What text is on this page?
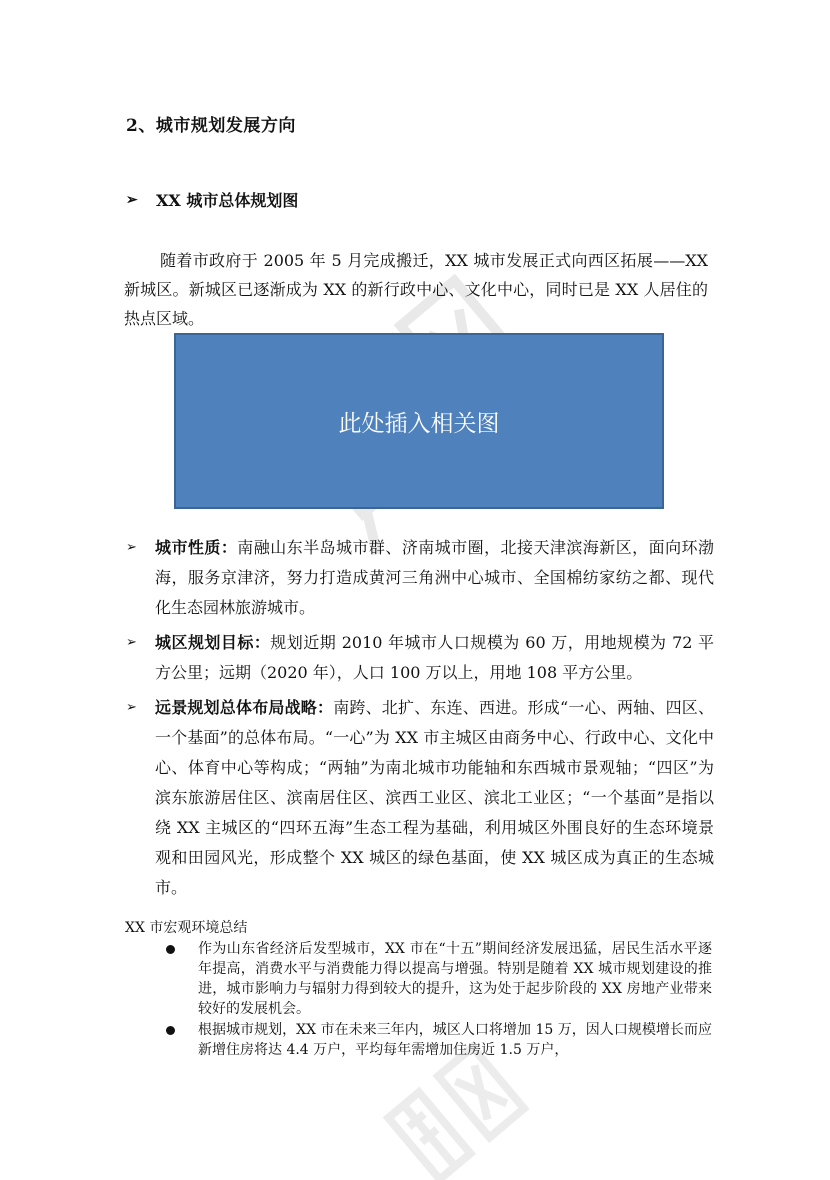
2、城市规划发展方向
➢	XX 城市总体规划图
随着市政府于 2005 年 5 月完成搬迁，XX 城市发展正式向西区拓展——XX 新城区。新城区已逐渐成为 XX 的新行政中心、文化中心，同时已是 XX 人居住的热点区域。
此处插入相关图
➢ 城市性质：南融山东半岛城市群、济南城市圈，北接天津滨海新区，面向环渤海，服务京津济，努力打造成黄河三角洲中心城市、全国棉纺家纺之都、现代化生态园林旅游城市。
➢ 城区规划目标：规划近期 2010 年城市人口规模为 60 万，用地规模为 72 平方公里；远期（2020 年），人口 100 万以上，用地 108 平方公里。
➢ 远景规划总体布局战略：南跨、北扩、东连、西进。形成“一心、两轴、四区、一个基面”的总体布局。“一心”为 XX 市主城区由商务中心、行政中心、文化中心、体育中心等构成；“两轴”为南北城市功能轴和东西城市景观轴；“四区”为滨东旅游居住区、滨南居住区、滨西工业区、滨北工业区；“一个基面”是指以绕 XX 主城区的“四环五海”生态工程为基础，利用城区外围良好的生态环境景观和田园风光，形成整个 XX 城区的绿色基面，使 XX 城区成为真正的生态城市。
XX 市宏观环境总结
作为山东省经济后发型城市，XX 市在“十五”期间经济发展迅猛，居民生活水平逐年提高，消费水平与消费能力得以提高与增强。特别是随着 XX 城市规划建设的推进，城市影响力与辐射力得到较大的提升，这为处于起步阶段的 XX 房地产业带来较好的发展机会。
根据城市规划，XX 市在未来三年内，城区人口将增加 15 万，因人口规模增长而应新增住房将达 4.4 万户，平均每年需增加住房近 1.5 万户，
